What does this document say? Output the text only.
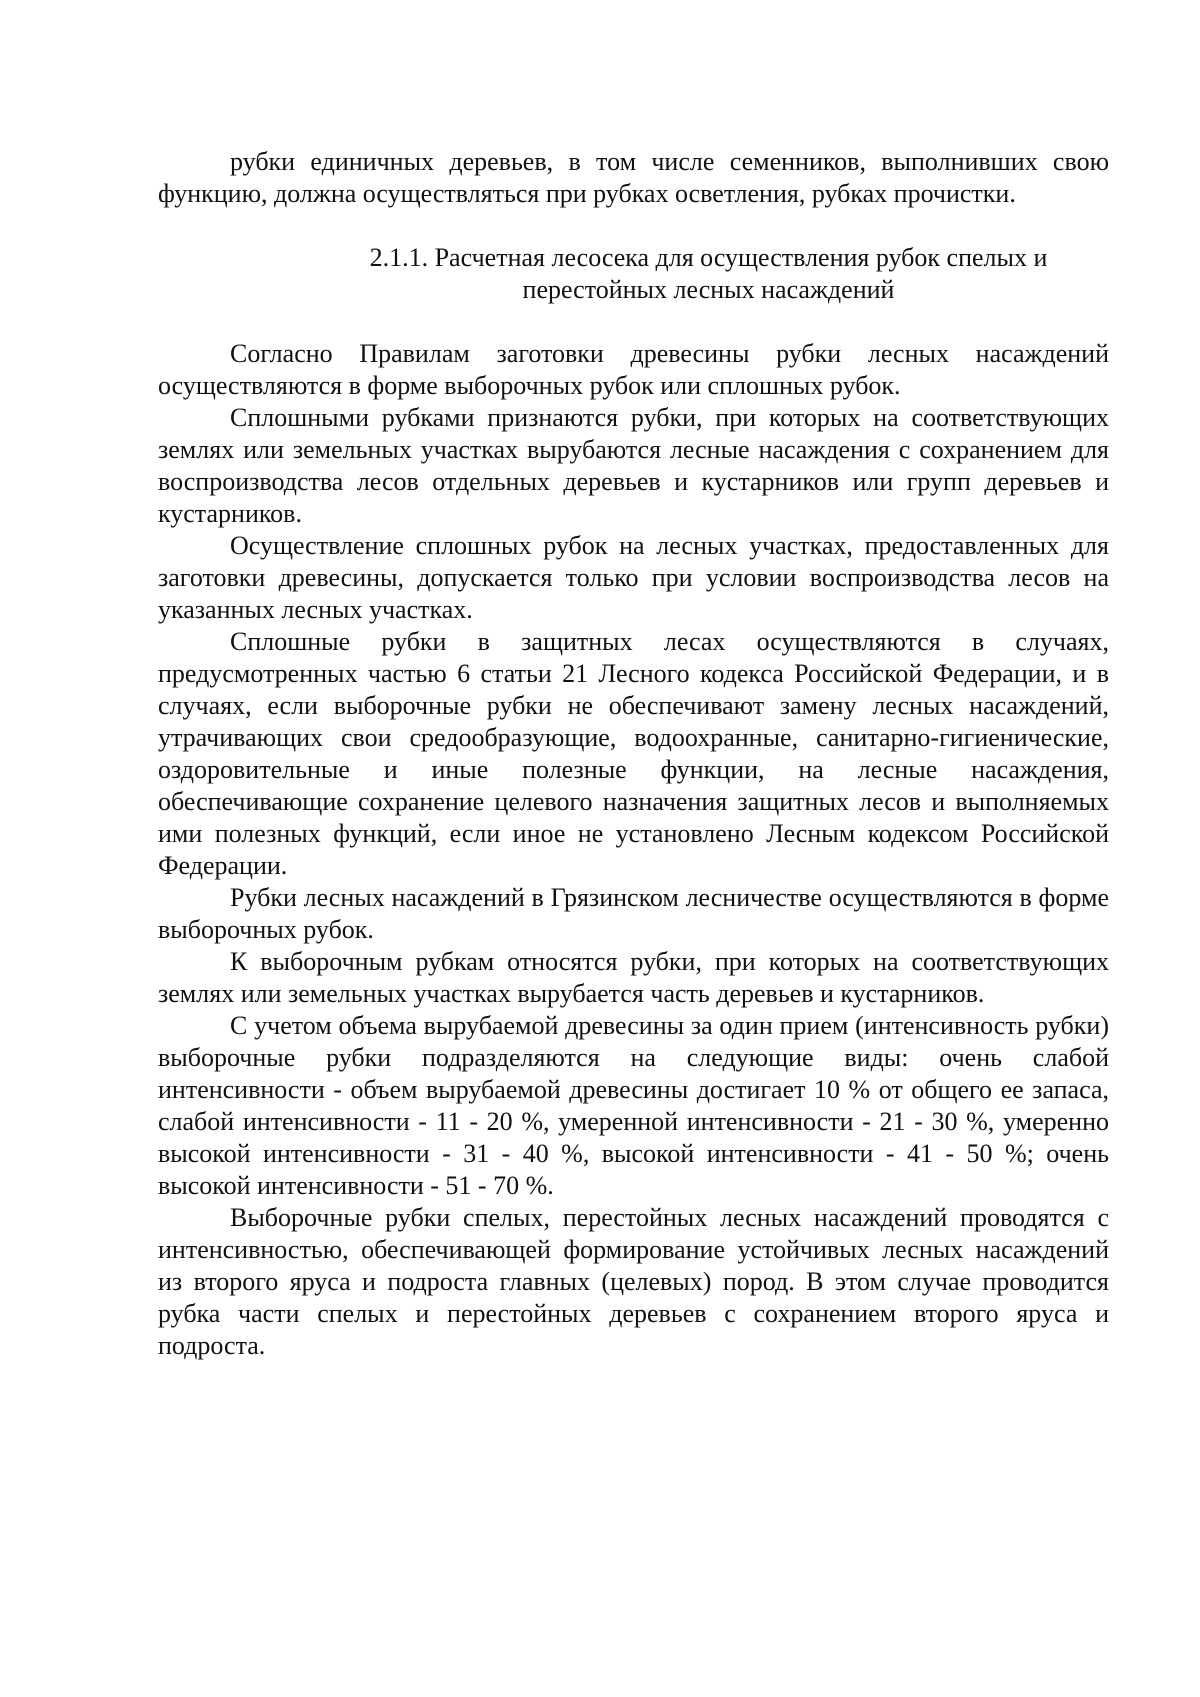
рубки единичных деревьев, в том числе семенников, выполнивших свою функцию, должна осуществляться при рубках осветления, рубках прочистки.

2.1.1. Расчетная лесосека для осуществления рубок спелых и

перестойных лесных насаждений

Согласно Правилам заготовки древесины рубки лесных насаждений осуществляются в форме выборочных рубок или сплошных рубок.

Сплошными рубками признаются рубки, при которых на соответствующих землях или земельных участках вырубаются лесные насаждения с сохранением для воспроизводства лесов отдельных деревьев и кустарников или групп деревьев и кустарников.

Осуществление сплошных рубок на лесных участках, предоставленных для заготовки древесины, допускается только при условии воспроизводства лесов на указанных лесных участках.

Сплошные рубки в защитных лесах осуществляются в случаях, предусмотренных частью 6 статьи 21 Лесного кодекса Российской Федерации, и в случаях, если выборочные рубки не обеспечивают замену лесных насаждений, утрачивающих свои средообразующие, водоохранные, санитарно-гигиенические, оздоровительные и иные полезные функции, на лесные насаждения, обеспечивающие сохранение целевого назначения защитных лесов и выполняемых ими полезных функций, если иное не установлено Лесным кодексом Российской Федерации.

Рубки лесных насаждений в Грязинском лесничестве осуществляются в форме выборочных рубок.

К выборочным рубкам относятся рубки, при которых на соответствующих землях или земельных участках вырубается часть деревьев и кустарников.

С учетом объема вырубаемой древесины за один прием (интенсивность рубки) выборочные рубки подразделяются на следующие виды: очень слабой интенсивности - объем вырубаемой древесины достигает 10 % от общего ее запаса, слабой интенсивности - 11 - 20 %, умеренной интенсивности - 21 - 30 %, умеренно высокой интенсивности - 31 - 40 %, высокой интенсивности - 41 - 50 %; очень высокой интенсивности - 51 - 70 %.

Выборочные рубки спелых, перестойных лесных насаждений проводятся с интенсивностью, обеспечивающей формирование устойчивых лесных насаждений из второго яруса и подроста главных (целевых) пород. В этом случае проводится рубка части спелых и перестойных деревьев с сохранением второго яруса и подроста.
